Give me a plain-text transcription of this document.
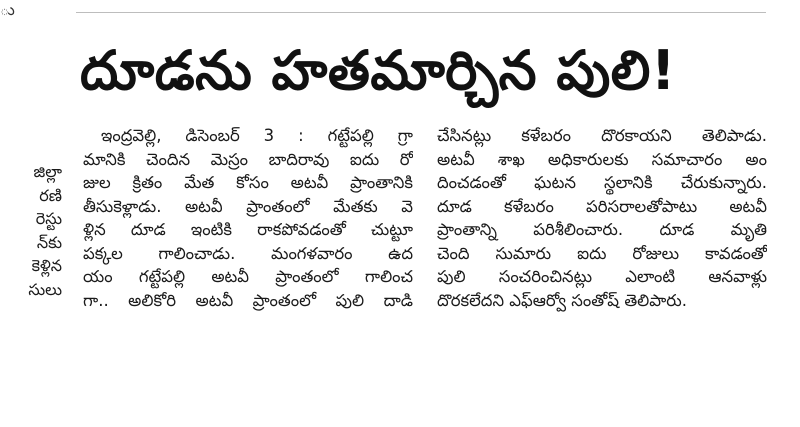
ు
జిల్లా
రణి
రెస్టు
న్‌కు
కెళ్లిన
సులు
దూడను హతమార్చిన పులి!
ఇంద్రవెల్లి, డిసెంబర్ 3 : గట్టేపల్లి గ్రా
మానికి చెందిన మెస్రం బాదిరావు ఐదు రో
జుల క్రితం మేత కోసం అటవీ ప్రాంతానికి
తీసుకెళ్లాడు. అటవీ ప్రాంతంలో మేతకు వె
ళ్లిన దూడ ఇంటికి రాకపోవడంతో చుట్టూ
పక్కల గాలించాడు. మంగళవారం ఉద
యం గట్టేపల్లి అటవీ ప్రాంతంలో గాలించ
గా.. అలికోరి అటవీ ప్రాంతంలో పులి దాడి
చేసినట్లు కళేబరం దొరకాయని తెలిపాడు.
అటవీ శాఖ అధికారులకు సమాచారం అం
దించడంతో ఘటన స్థలానికి చేరుకున్నారు.
దూడ కళేబరం పరిసరాలతోపాటు అటవీ
ప్రాంతాన్ని పరిశీలించారు. దూడ మృతి
చెంది సుమారు ఐదు రోజులు కావడంతో
పులి సంచరించినట్లు ఎలాంటి ఆనవాళ్లు
దొరకలేదని ఎఫ్‌ఆర్వో సంతోష్ తెలిపారు.
